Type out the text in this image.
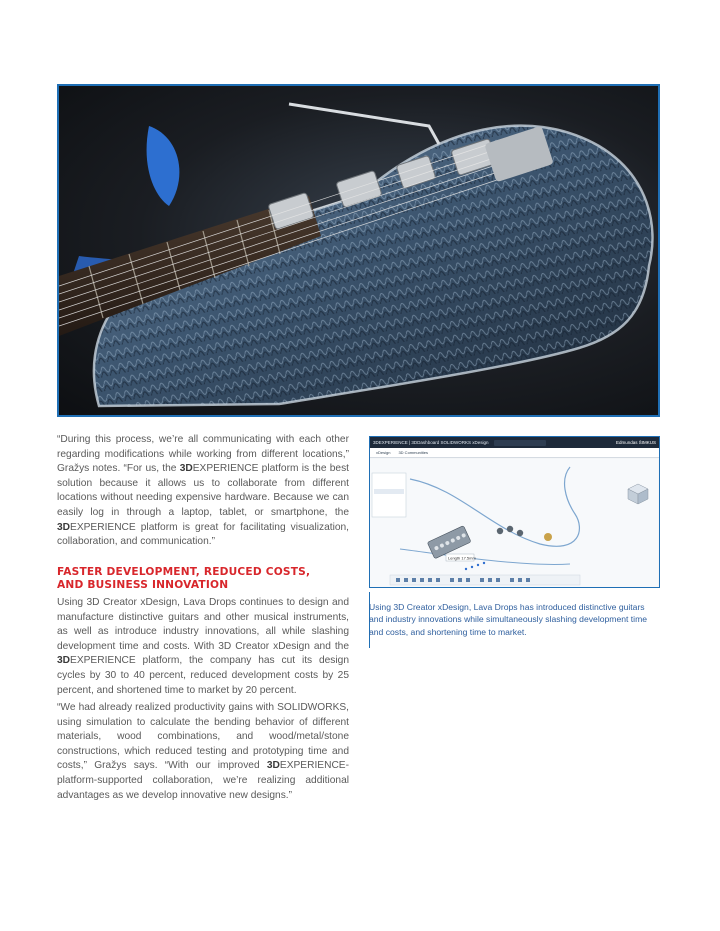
“During this process, we’re all communicating with each other regarding modifications while working from different locations,” Gražys notes. “For us, the 3DEXPERIENCE platform is the best solution because it allows us to collaborate from different locations without needing expensive hardware. Because we can easily log in through a laptop, tablet, or smartphone, the 3DEXPERIENCE platform is great for facilitating visualization, collaboration, and communication.”

FASTER DEVELOPMENT, REDUCED COSTS,
AND BUSINESS INNOVATION

Using 3D Creator xDesign, Lava Drops continues to design and manufacture distinctive guitars and other musical instruments, as well as introduce industry innovations, all while slashing development time and costs. With 3D Creator xDesign and the 3DEXPERIENCE platform, the company has cut its design cycles by 30 to 40 percent, reduced development costs by 25 percent, and shortened time to market by 20 percent.

“We had already realized productivity gains with SOLIDWORKS, using simulation to calculate the bending behavior of different materials, wood combinations, and wood/metal/stone constructions, which reduced testing and prototyping time and costs,” Gražys says. “With our improved 3DEXPERIENCE-platform-supported collaboration, we’re realizing additional advantages as we develop innovative new designs.”

3DEXPERIENCE | 3DDashboard SOLIDWORKS xDesign	Edmundas ŠIMKUS
xDesign 3D Communities
Length 17.5mm
Using 3D Creator xDesign, Lava Drops has introduced distinctive guitars and industry innovations while simultaneously slashing development time and costs, and shortening time to market.
